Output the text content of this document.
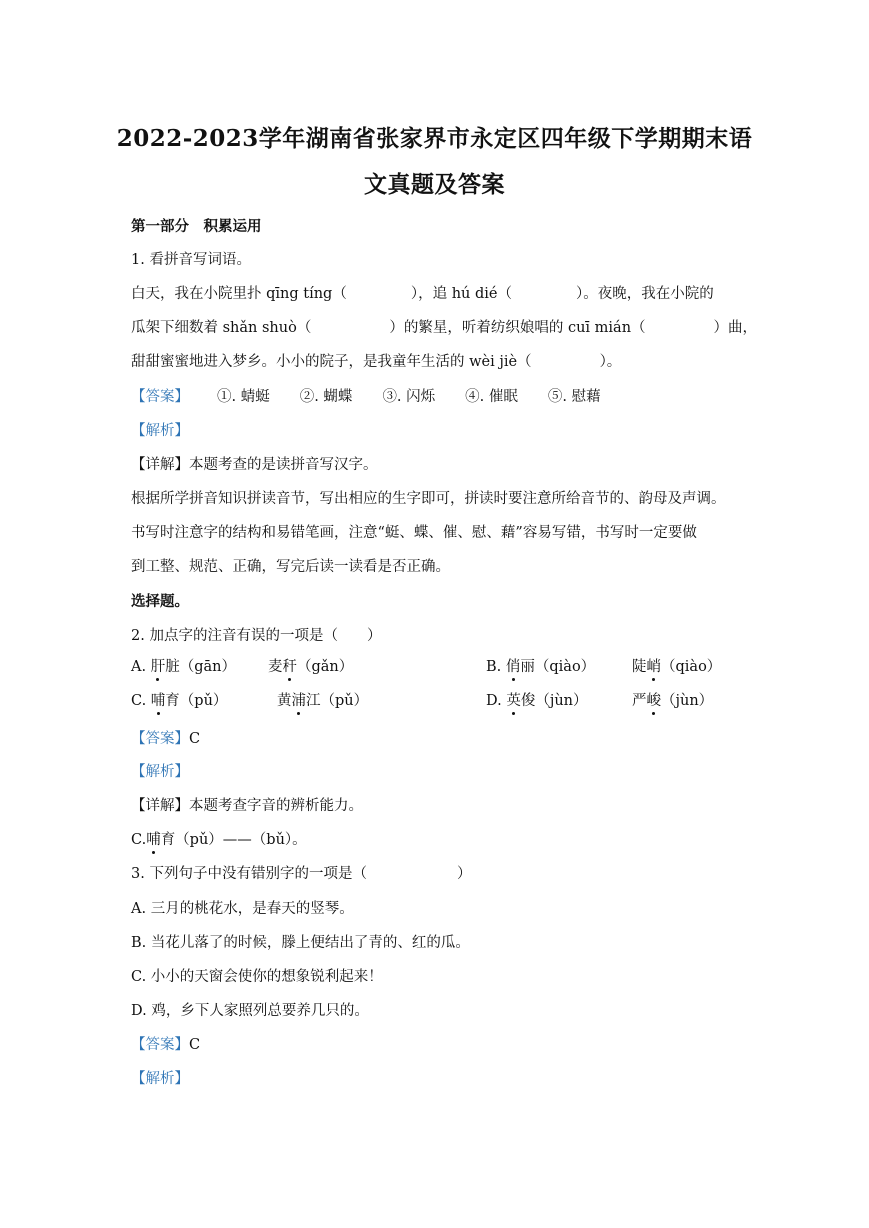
2022-2023学年湖南省张家界市永定区四年级下学期期末语
文真题及答案
第一部分　积累运用
1. 看拼音写词语。
白天，我在小院里扑 qīng tíng（	），追 hú dié（	）。夜晚，我在小院的
瓜架下细数着 shǎn shuò（	）的繁星，听着纺织娘唱的 cuī mián（	）曲，
甜甜蜜蜜地进入梦乡。小小的院子，是我童年生活的 wèi jiè（	）。
【答案】 ①. 蜻蜓 ②. 蝴蝶 ③. 闪烁 ④. 催眠 ⑤. 慰藉
【解析】
【详解】本题考查的是读拼音写汉字。
根据所学拼音知识拼读音节，写出相应的生字即可，拼读时要注意所给音节的、韵母及声调。
书写时注意字的结构和易错笔画，注意“蜓、蝶、催、慰、藉”容易写错，书写时一定要做
到工整、规范、正确，写完后读一读看是否正确。
选择题。
2. 加点字的注音有误的一项是（　　）
A. 肝脏（gān） 麦秆（gǎn）	B. 俏丽（qiào）	陡峭（qiào）
C. 哺育（pǔ）	黄浦江（pǔ）	D. 英俊（jùn）	严峻（jùn）
【答案】C
【解析】
【详解】本题考查字音的辨析能力。
C.哺育（pǔ）——（bǔ）。
3. 下列句子中没有错别字的一项是（	）
A. 三月的桃花水，是春天的竖琴。
B. 当花儿落了的时候，滕上便结出了青的、红的瓜。
C. 小小的天窗会使你的想象锐利起来！
D. 鸡，乡下人家照列总要养几只的。
【答案】C
【解析】
